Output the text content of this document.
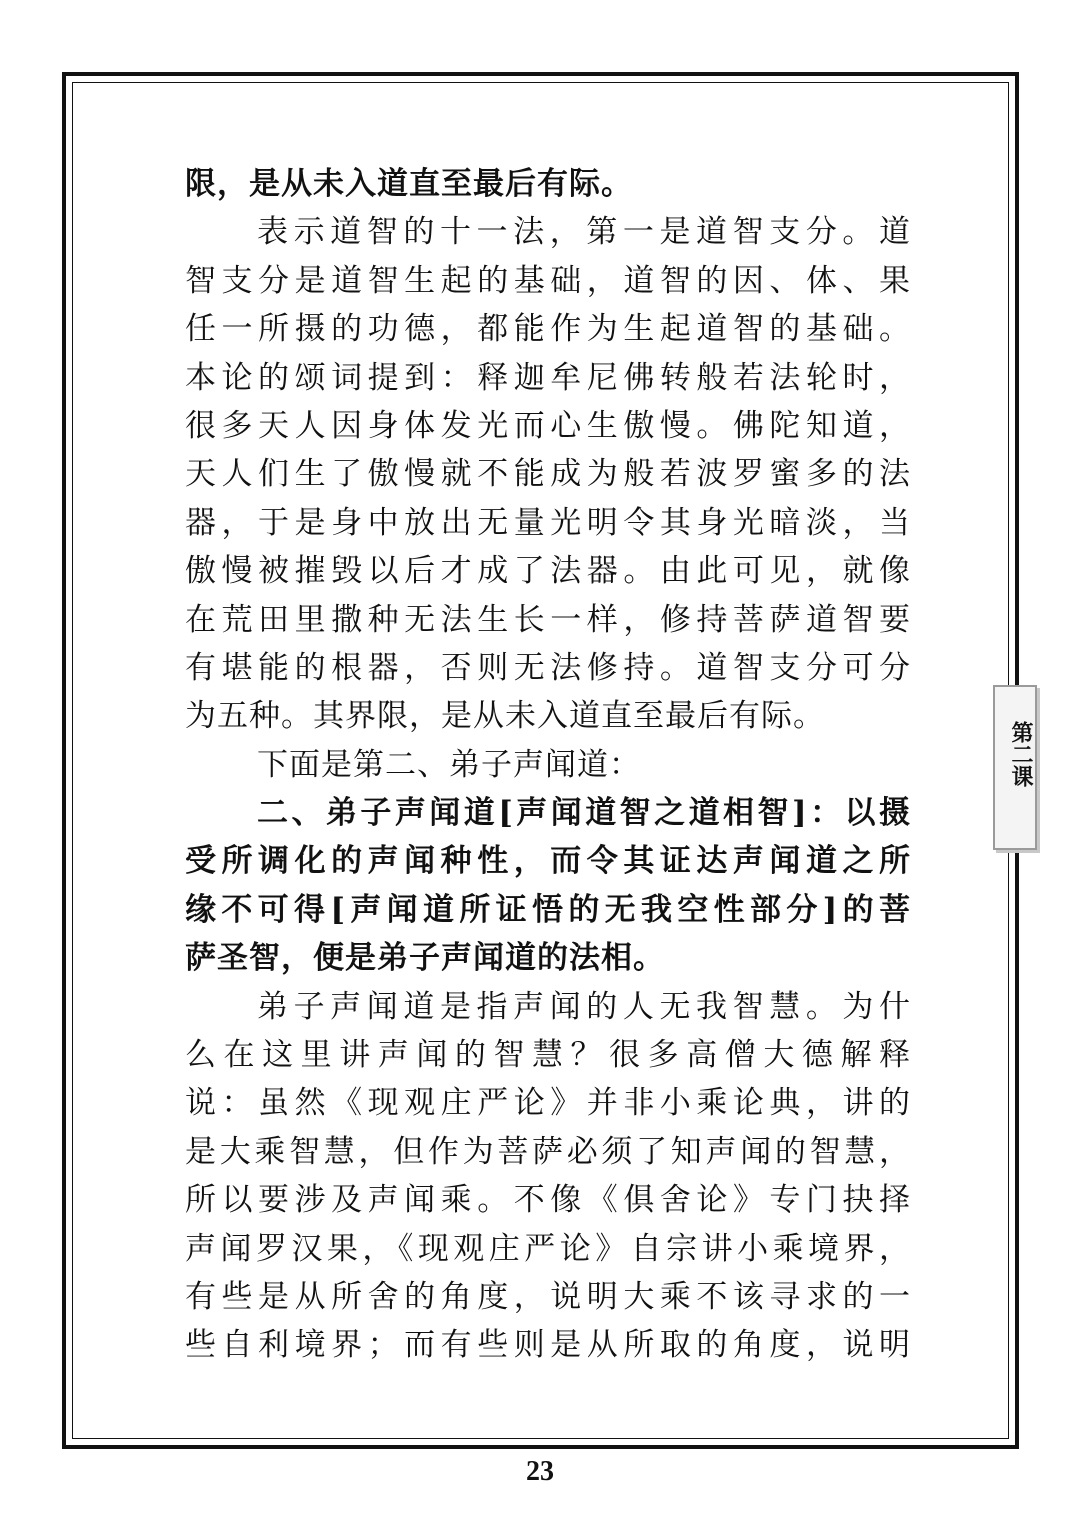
限，是从未入道直至最后有际。
表示道智的十一法，第一是道智支分。道
智支分是道智生起的基础，道智的因、体、果
任一所摄的功德，都能作为生起道智的基础。
本论的颂词提到：释迦牟尼佛转般若法轮时，
很多天人因身体发光而心生傲慢。佛陀知道，
天人们生了傲慢就不能成为般若波罗蜜多的法
器，于是身中放出无量光明令其身光暗淡，当
傲慢被摧毁以后才成了法器。由此可见，就像
在荒田里撒种无法生长一样，修持菩萨道智要
有堪能的根器，否则无法修持。道智支分可分
为五种。其界限，是从未入道直至最后有际。
下面是第二、弟子声闻道：
二、弟子声闻道[声闻道智之道相智]：以摄
受所调化的声闻种性，而令其证达声闻道之所
缘不可得[声闻道所证悟的无我空性部分]的菩
萨圣智，便是弟子声闻道的法相。
弟子声闻道是指声闻的人无我智慧。为什
么在这里讲声闻的智慧？很多高僧大德解释
说：虽然《现观庄严论》并非小乘论典，讲的
是大乘智慧，但作为菩萨必须了知声闻的智慧，
所以要涉及声闻乘。不像《俱舍论》专门抉择
声闻罗汉果，《现观庄严论》自宗讲小乘境界，
有些是从所舍的角度，说明大乘不该寻求的一
些自利境界；而有些则是从所取的角度，说明
第二课
23
